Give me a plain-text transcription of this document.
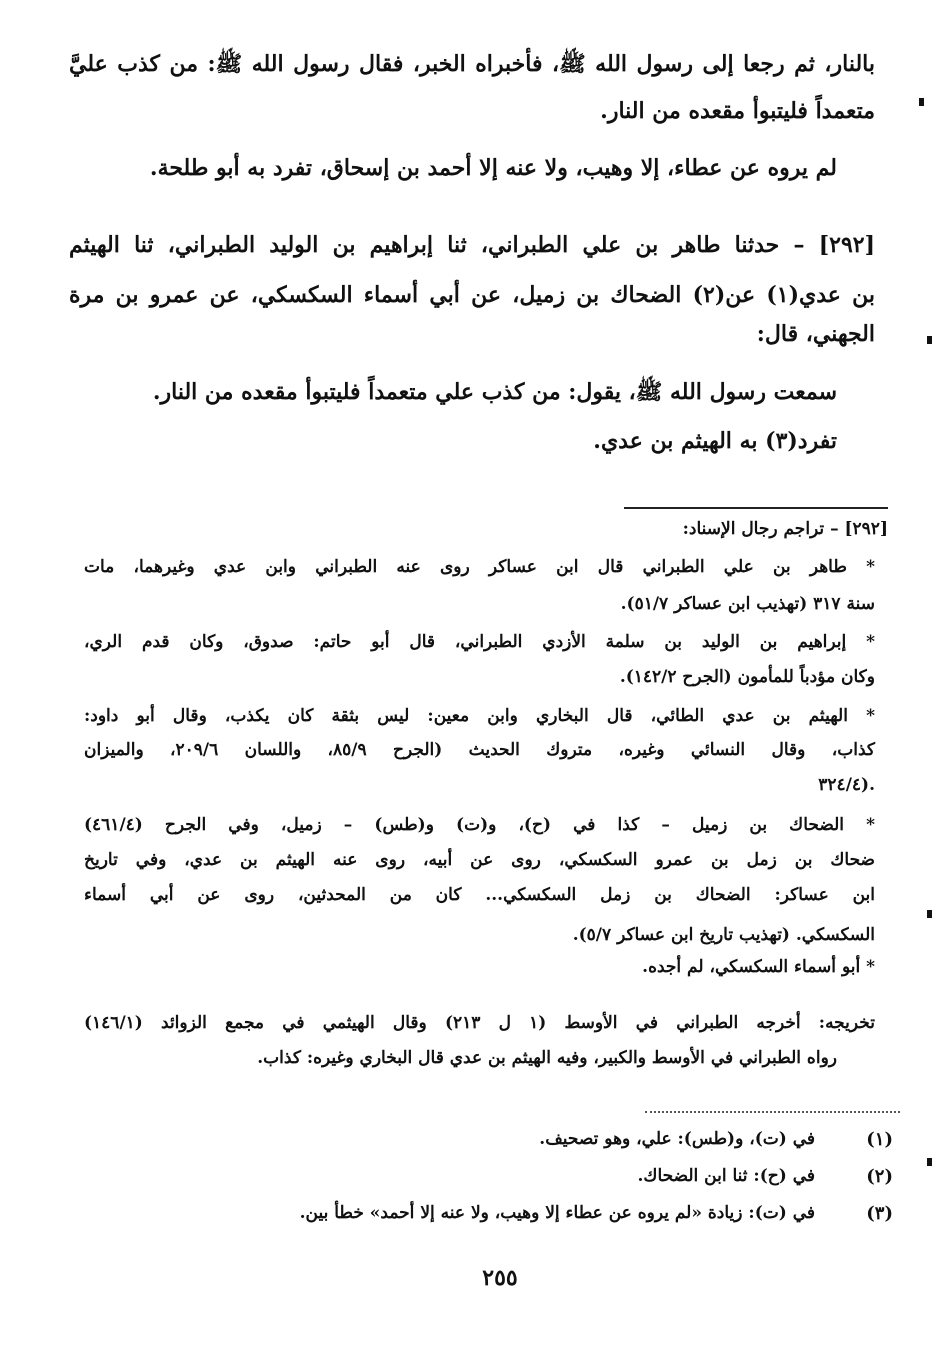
بالنار، ثم رجعا إلى رسول الله ﷺ، فأخبراه الخبر، فقال رسول الله ﷺ: من كذب عليَّ
متعمداً فليتبوأ مقعده من النار.
لم يروه عن عطاء، إلا وهيب، ولا عنه إلا أحمد بن إسحاق، تفرد به أبو طلحة.
[٢٩٢] – حدثنا طاهر بن علي الطبراني، ثنا إبراهيم بن الوليد الطبراني، ثنا الهيثم
بن عدي(١) عن(٢) الضحاك بن زميل، عن أبي أسماء السكسكي، عن عمرو بن مرة
الجهني، قال:
سمعت رسول الله ﷺ، يقول: من كذب علي متعمداً فليتبوأ مقعده من النار.
تفرد(٣) به الهيثم بن عدي.
[٢٩٢] – تراجم رجال الإسناد:
* طاهر بن علي الطبراني قال ابن عساكر روى عنه الطبراني وابن عدي وغيرهما، مات
سنة ٣١٧ (تهذيب ابن عساكر ٥١/٧).
* إبراهيم بن الوليد بن سلمة الأزدي الطبراني، قال أبو حاتم: صدوق، وكان قدم الري،
وكان مؤدباً للمأمون (الجرح ١٤٢/٢).
* الهيثم بن عدي الطائي، قال البخاري وابن معين: ليس بثقة كان يكذب، وقال أبو داود:
كذاب، وقال النسائي وغيره، متروك الحديث (الجرح ٨٥/٩، واللسان ٢٠٩/٦، والميزان
٣٢٤/٤).
* الضحاك بن زميل – كذا في (ح)، و(ت) و(طس) – زميل، وفي الجرح (٤٦١/٤)
ضحاك بن زمل بن عمرو السكسكي، روى عن أبيه، روى عنه الهيثم بن عدي، وفي تاريخ
ابن عساكر: الضحاك بن زمل السكسكي... كان من المحدثين، روى عن أبي أسماء
السكسكي. (تهذيب تاريخ ابن عساكر ٥/٧).
* أبو أسماء السكسكي، لم أجده.
تخريجه: أخرجه الطبراني في الأوسط (١ ل ٢١٣) وقال الهيثمي في مجمع الزوائد (١٤٦/١)
رواه الطبراني في الأوسط والكبير، وفيه الهيثم بن عدي قال البخاري وغيره: كذاب.
(١)
في (ت)، و(طس): علي، وهو تصحيف.
(٢)
في (ح): ثنا ابن الضحاك.
(٣)
في (ت): زيادة «لم يروه عن عطاء إلا وهيب، ولا عنه إلا أحمد» خطأ بين.
٢٥٥
